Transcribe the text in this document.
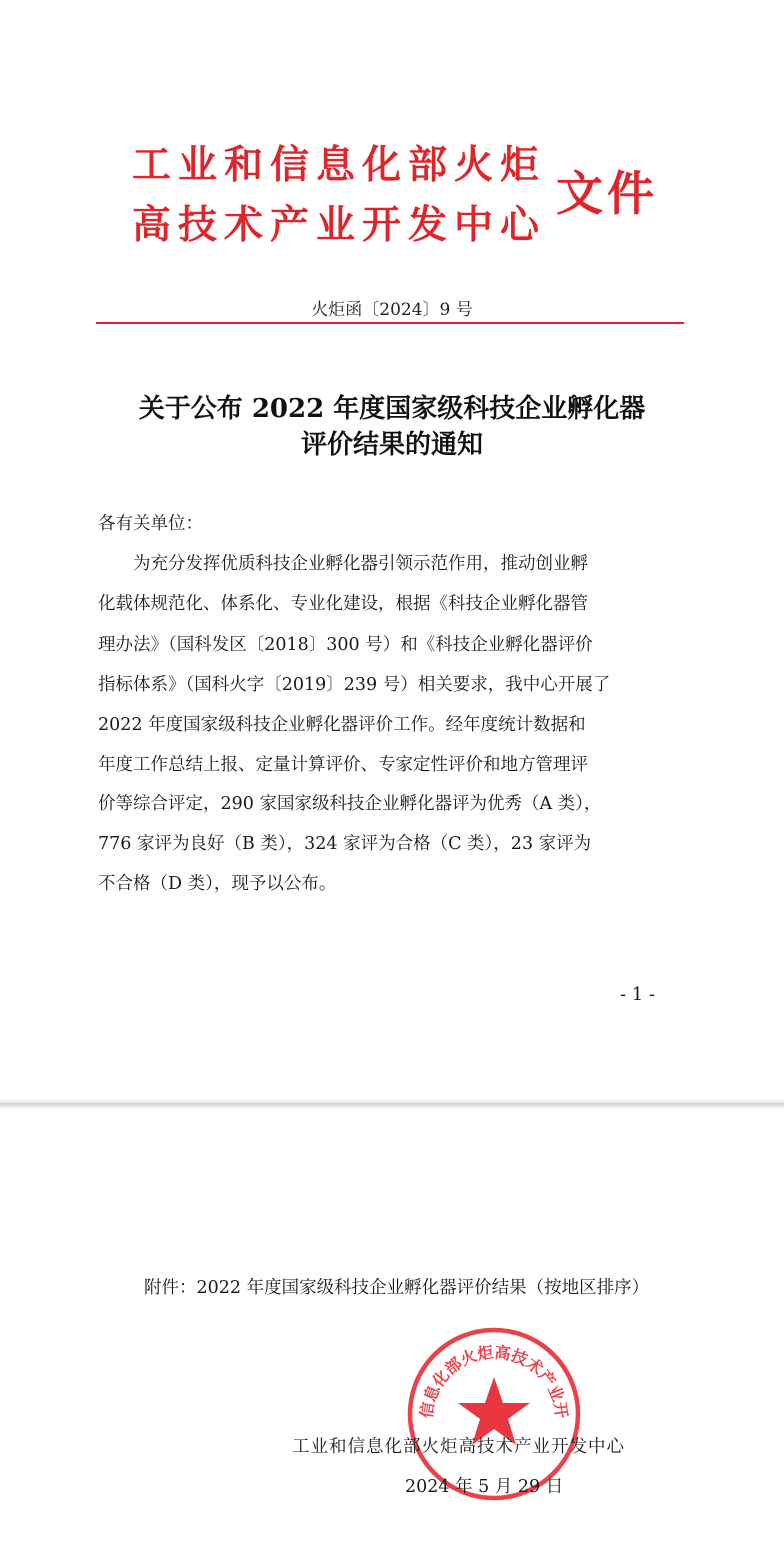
工业和信息化部火炬
高技术产业开发中心
文件
火炬函〔2024〕9 号
关于公布 2022 年度国家级科技企业孵化器
评价结果的通知
各有关单位：
为充分发挥优质科技企业孵化器引领示范作用，推动创业孵
化载体规范化、体系化、专业化建设，根据《科技企业孵化器管
理办法》（国科发区〔2018〕300 号）和《科技企业孵化器评价
指标体系》（国科火字〔2019〕239 号）相关要求，我中心开展了
2022 年度国家级科技企业孵化器评价工作。经年度统计数据和
年度工作总结上报、定量计算评价、专家定性评价和地方管理评
价等综合评定，290 家国家级科技企业孵化器评为优秀（A 类），
776 家评为良好（B 类），324 家评为合格（C 类），23 家评为
不合格（D 类），现予以公布。
- 1 -
附件：2022 年度国家级科技企业孵化器评价结果（按地区排序）
信息化部火炬高技术产业开
工业和信息化部火炬高技术产业开发中心
2024 年 5 月 29 日
